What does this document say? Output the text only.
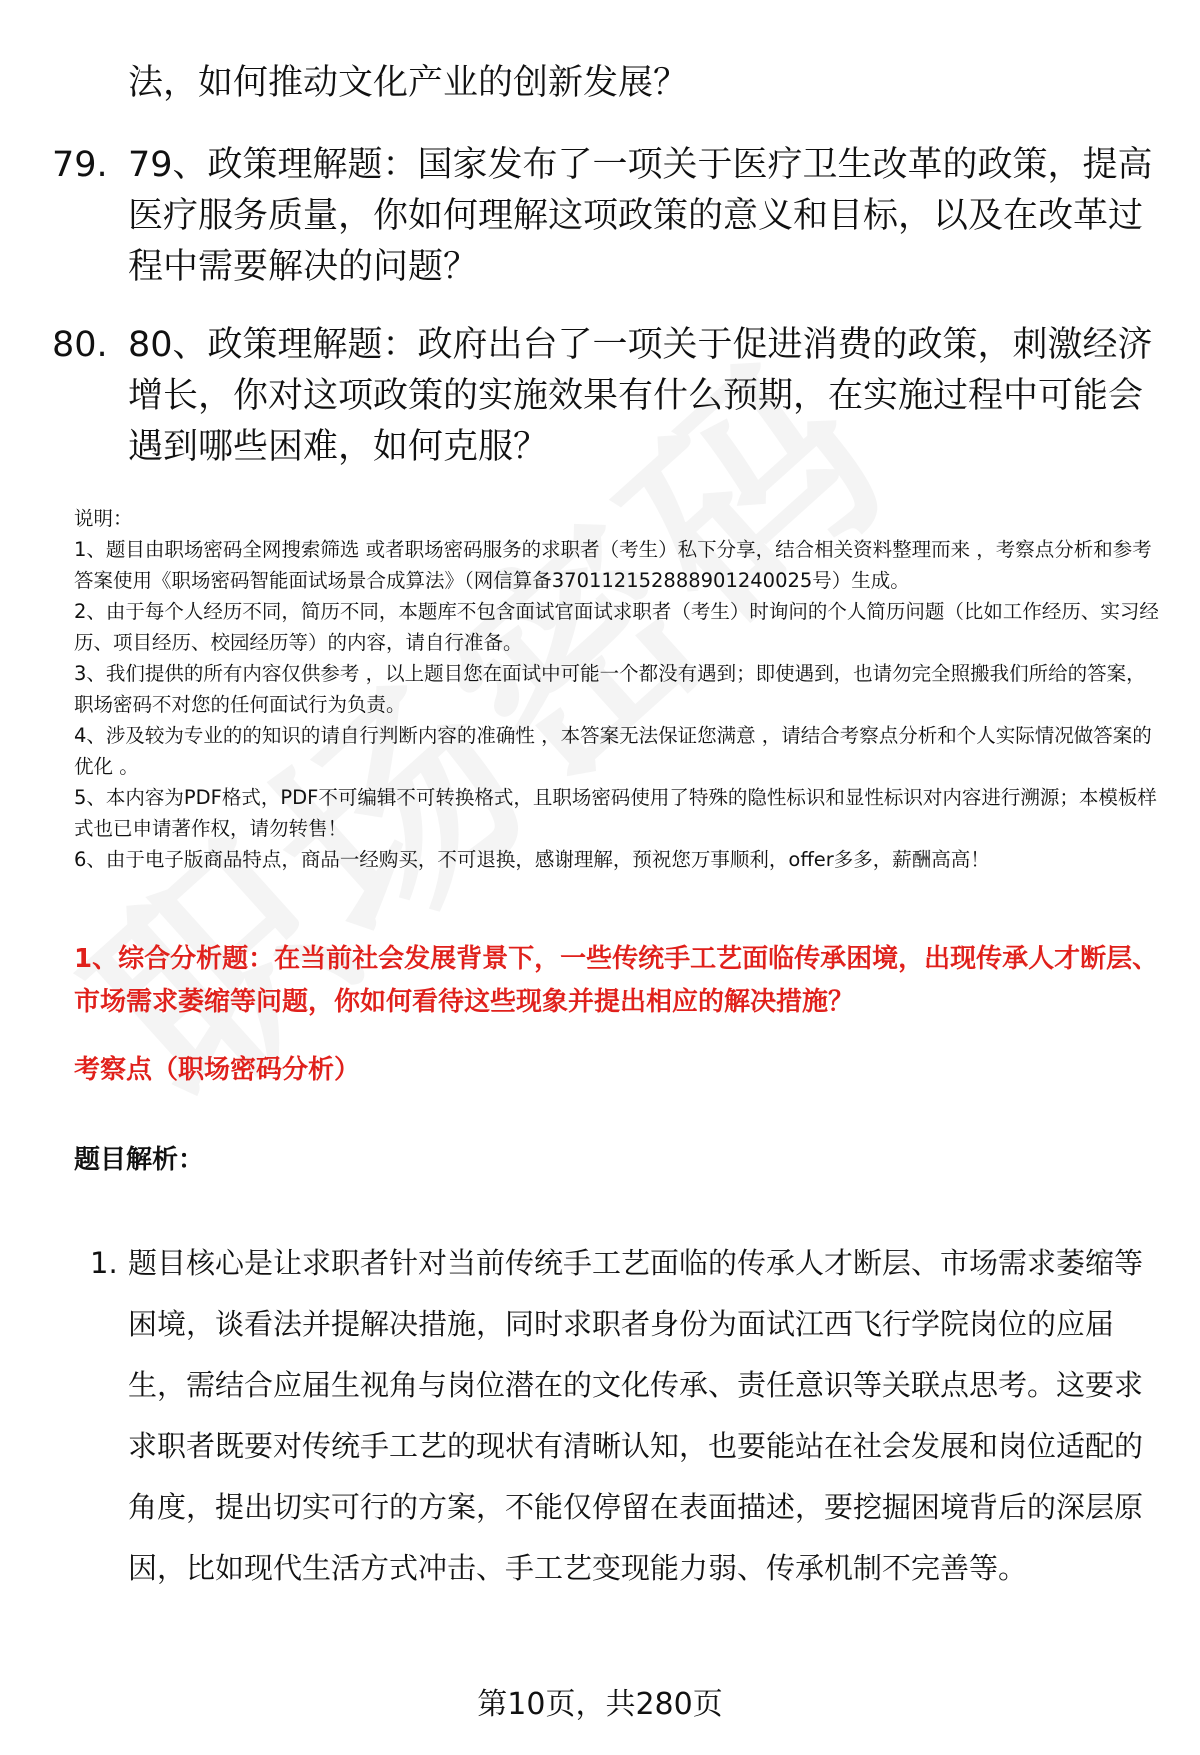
法，如何推动文化产业的创新发展？
79. 79、政策理解题：国家发布了一项关于医疗卫生改革的政策，提高医疗服务质量，你如何理解这项政策的意义和目标，以及在改革过程中需要解决的问题？
80. 80、政策理解题：政府出台了一项关于促进消费的政策，刺激经济增长，你对这项政策的实施效果有什么预期，在实施过程中可能会遇到哪些困难，如何克服？

说明：

1、题目由职场密码全网搜索筛选 或者职场密码服务的求职者（考生）私下分享，结合相关资料整理而来 ，考察点分析和参考答案使用《职场密码智能面试场景合成算法》（网信算备370112152888901240025号）生成。

2、由于每个人经历不同，简历不同，本题库不包含面试官面试求职者（考生）时询问的个人简历问题（比如工作经历、实习经历、项目经历、校园经历等）的内容，请自行准备。

3、我们提供的所有内容仅供参考 ，以上题目您在面试中可能一个都没有遇到；即使遇到，也请勿完全照搬我们所给的答案，职场密码不对您的任何面试行为负责。

4、涉及较为专业的的知识的请自行判断内容的准确性 ，本答案无法保证您满意 ，请结合考察点分析和个人实际情况做答案的优化 。

5、本内容为PDF格式，PDF不可编辑不可转换格式，且职场密码使用了特殊的隐性标识和显性标识对内容进行溯源；本模板样式也已申请著作权，请勿转售！

6、由于电子版商品特点，商品一经购买，不可退换，感谢理解，预祝您万事顺利，offer多多，薪酬高高！

1、综合分析题：在当前社会发展背景下，一些传统手工艺面临传承困境，出现传承人才断层、市场需求萎缩等问题，你如何看待这些现象并提出相应的解决措施？
考察点（职场密码分析）
题目解析：
1. 题目核心是让求职者针对当前传统手工艺面临的传承人才断层、市场需求萎缩等困境，谈看法并提解决措施，同时求职者身份为面试江西飞行学院岗位的应届生，需结合应届生视角与岗位潜在的文化传承、责任意识等关联点思考。这要求求职者既要对传统手工艺的现状有清晰认知，也要能站在社会发展和岗位适配的角度，提出切实可行的方案，不能仅停留在表面描述，要挖掘困境背后的深层原因，比如现代生活方式冲击、手工艺变现能力弱、传承机制不完善等。
第10页，共280页
